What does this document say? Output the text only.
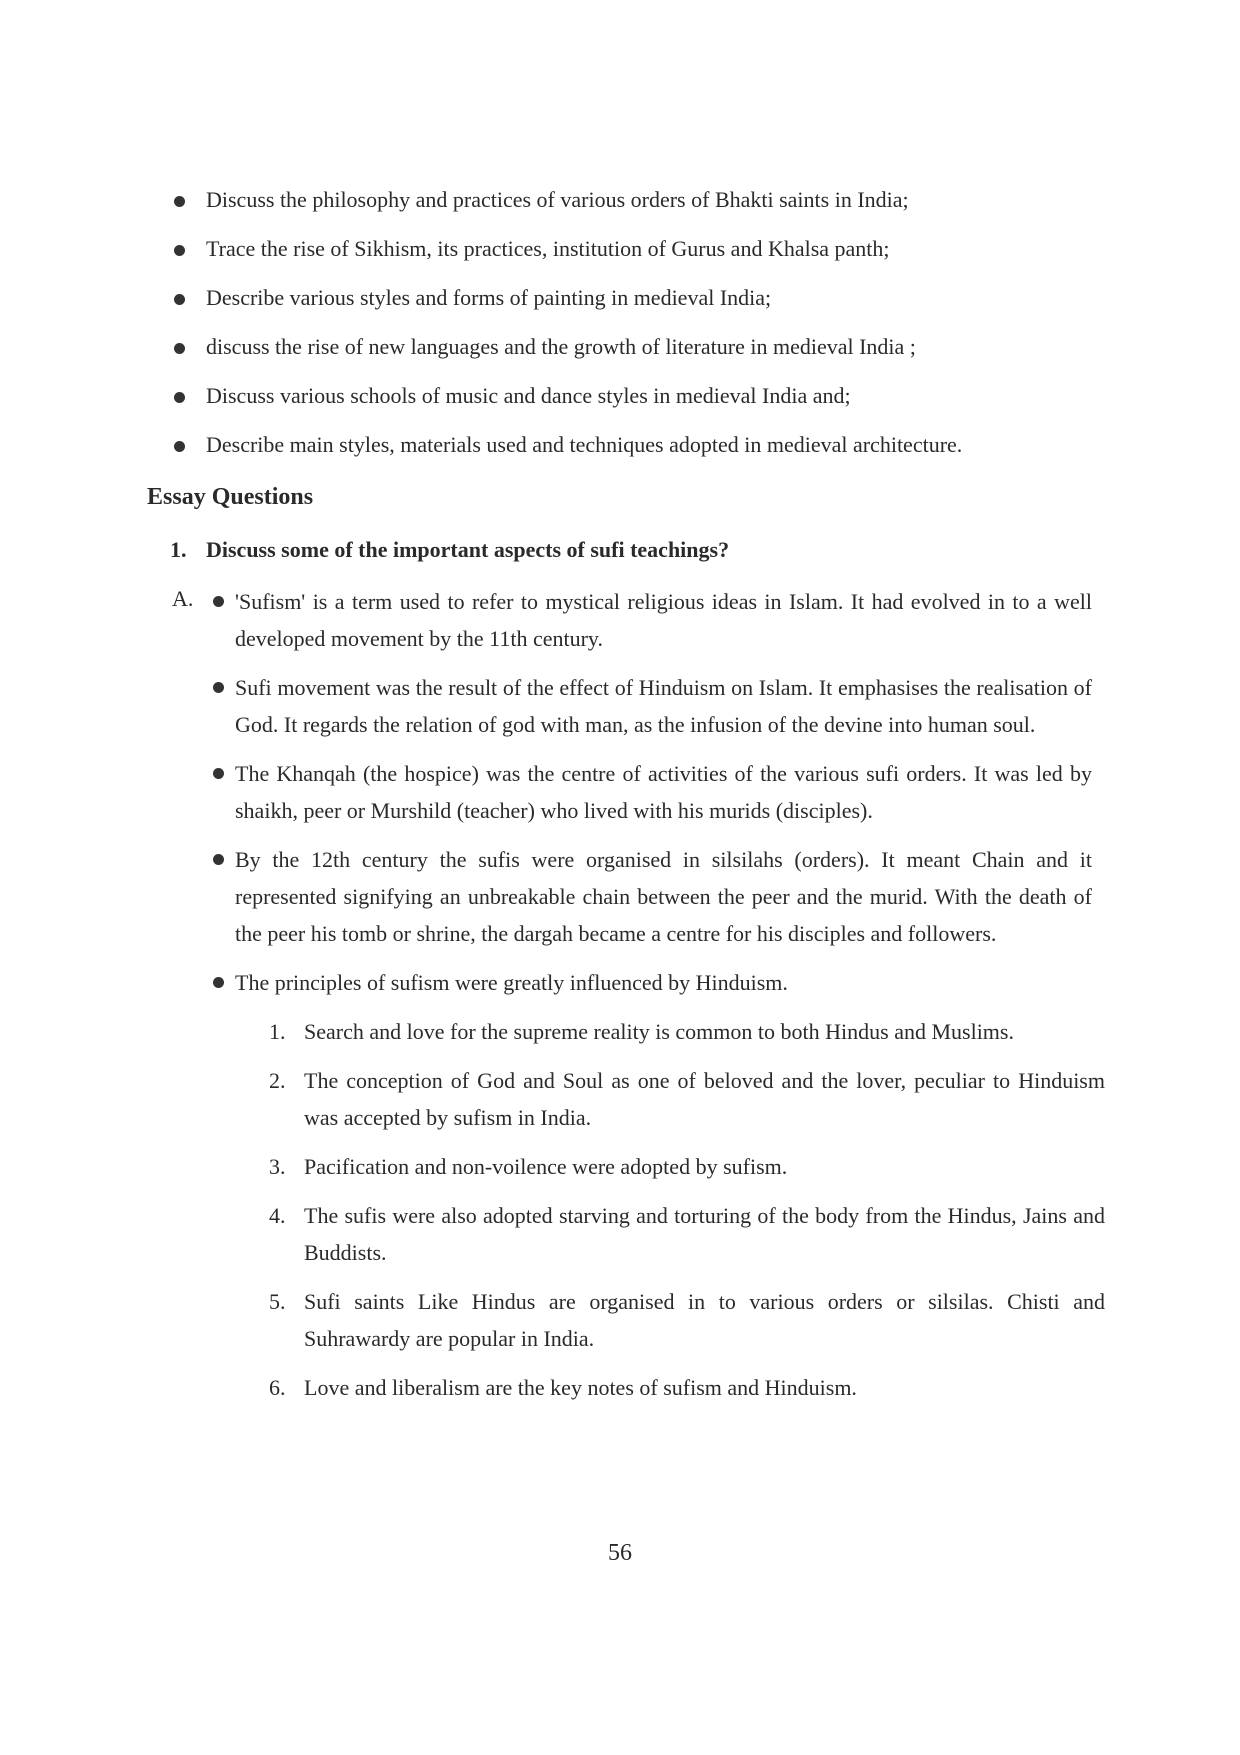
Discuss the philosophy and practices of various orders of Bhakti saints in India;
Trace the rise of Sikhism, its practices, institution of Gurus and Khalsa panth;
Describe various styles and forms of painting in medieval India;
discuss the rise of new languages and the growth of literature in medieval India ;
Discuss various schools of music and dance styles in medieval India and;
Describe main styles, materials used and techniques adopted in medieval architecture.
Essay Questions

1. Discuss some of the important aspects of sufi teachings?

A.	'Sufism' is a term used to refer to mystical religious ideas in Islam. It had evolved in to a well developed movement by the 11th century.
Sufi movement was the result of the effect of Hinduism on Islam. It emphasises the realisation of God. It regards the relation of god with man, as the infusion of the devine into human soul.
The Khanqah (the hospice) was the centre of activities of the various sufi orders. It was led by shaikh, peer or Murshild (teacher) who lived with his murids (disciples).
By the 12th century the sufis were organised in silsilahs (orders). It meant Chain and it represented signifying an unbreakable chain between the peer and the murid. With the death of the peer his tomb or shrine, the dargah became a centre for his disciples and followers.
The principles of sufism were greatly influenced by Hinduism.
1. Search and love for the supreme reality is common to both Hindus and Muslims.
2. The conception of God and Soul as one of beloved and the lover, peculiar to Hinduism was accepted by sufism in India.
3. Pacification and non-voilence were adopted by sufism.
4. The sufis were also adopted starving and torturing of the body from the Hindus, Jains and Buddists.
5. Sufi saints Like Hindus are organised in to various orders or silsilas. Chisti and Suhrawardy are popular in India.
6. Love and liberalism are the key notes of sufism and Hinduism.
56
